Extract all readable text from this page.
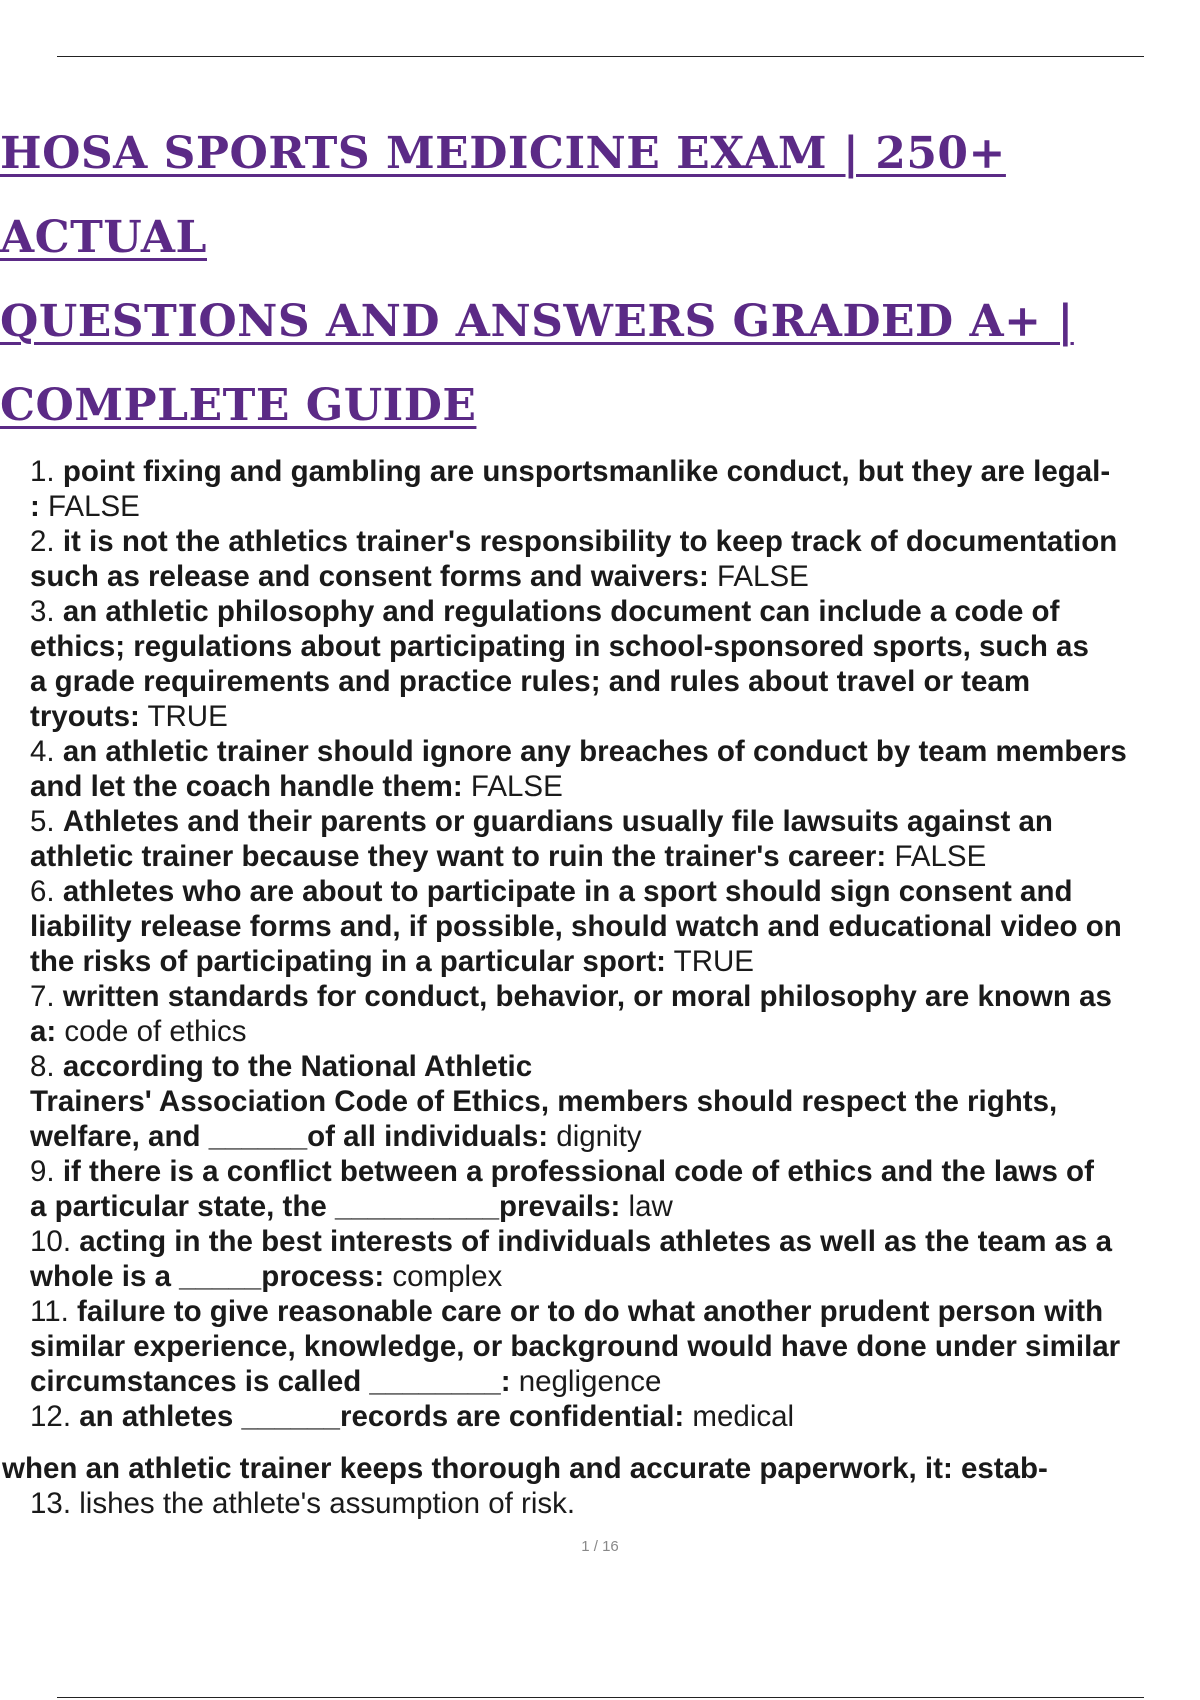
HOSA SPORTS MEDICINE EXAM | 250+ ACTUAL
QUESTIONS AND ANSWERS GRADED A+ |
COMPLETE GUIDE
1. point fixing and gambling are unsportsmanlike conduct, but they are legal-
: FALSE
2. it is not the athletics trainer's responsibility to keep track of documentation
such as release and consent forms and waivers: FALSE
3. an athletic philosophy and regulations document can include a code of
ethics; regulations about participating in school-sponsored sports, such as
a grade requirements and practice rules; and rules about travel or team
tryouts: TRUE
4. an athletic trainer should ignore any breaches of conduct by team members
and let the coach handle them: FALSE
5. Athletes and their parents or guardians usually file lawsuits against an
athletic trainer because they want to ruin the trainer's career: FALSE
6. athletes who are about to participate in a sport should sign consent and
liability release forms and, if possible, should watch and educational video on
the risks of participating in a particular sport: TRUE
7. written standards for conduct, behavior, or moral philosophy are known as
a: code of ethics
8. according to the National Athletic
Trainers' Association Code of Ethics, members should respect the rights,
welfare, and ______of all individuals: dignity
9. if there is a conflict between a professional code of ethics and the laws of
a particular state, the __________prevails: law
10. acting in the best interests of individuals athletes as well as the team as a
whole is a _____process: complex
11. failure to give reasonable care or to do what another prudent person with
similar experience, knowledge, or background would have done under similar
circumstances is called ________: negligence
12. an athletes ______records are confidential: medical

when an athletic trainer keeps thorough and accurate paperwork, it: estab-

13. lishes the athlete's assumption of risk.

1 / 16
